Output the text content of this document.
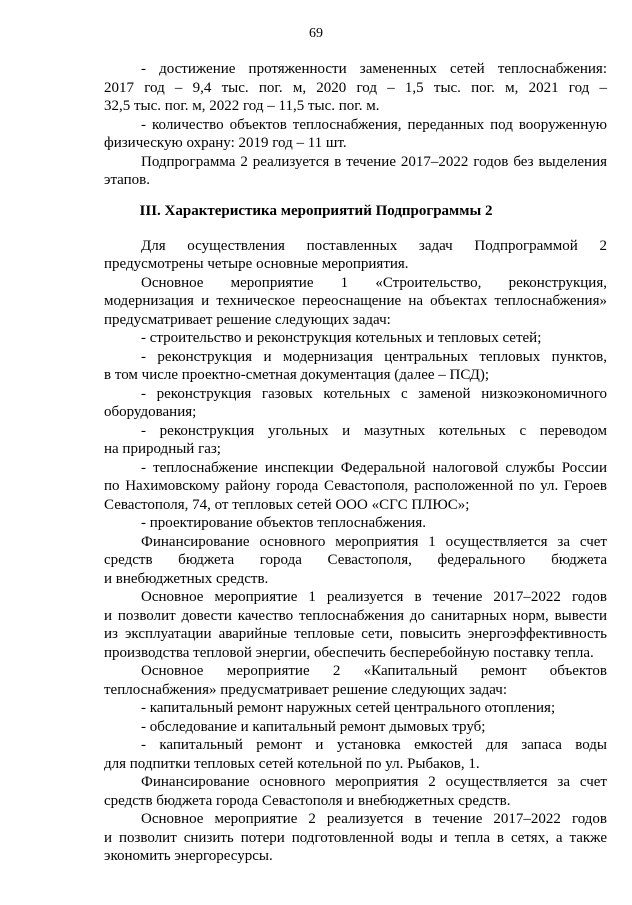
69
- достижение протяженности замененных сетей теплоснабжения:
2017 год – 9,4 тыс. пог. м, 2020 год – 1,5 тыс. пог. м, 2021 год –
32,5 тыс. пог. м, 2022 год – 11,5 тыс. пог. м.
- количество объектов теплоснабжения, переданных под вооруженную
физическую охрану: 2019 год – 11 шт.
Подпрограмма 2 реализуется в течение 2017–2022 годов без выделения
этапов.
III. Характеристика мероприятий Подпрограммы 2
Для осуществления поставленных задач Подпрограммой 2
предусмотрены четыре основные мероприятия.
Основное мероприятие 1 «Строительство, реконструкция,
модернизация и техническое переоснащение на объектах теплоснабжения»
предусматривает решение следующих задач:
- строительство и реконструкция котельных и тепловых сетей;
- реконструкция и модернизация центральных тепловых пунктов,
в том числе проектно-сметная документация (далее – ПСД);
- реконструкция газовых котельных с заменой низкоэкономичного
оборудования;
- реконструкция угольных и мазутных котельных с переводом
на природный газ;
- теплоснабжение инспекции Федеральной налоговой службы России
по Нахимовскому району города Севастополя, расположенной по ул. Героев
Севастополя, 74, от тепловых сетей ООО «СГС ПЛЮС»;
- проектирование объектов теплоснабжения.
Финансирование основного мероприятия 1 осуществляется за счет
средств бюджета города Севастополя, федерального бюджета
и внебюджетных средств.
Основное мероприятие 1 реализуется в течение 2017–2022 годов
и позволит довести качество теплоснабжения до санитарных норм, вывести
из эксплуатации аварийные тепловые сети, повысить энергоэффективность
производства тепловой энергии, обеспечить бесперебойную поставку тепла.
Основное мероприятие 2 «Капитальный ремонт объектов
теплоснабжения» предусматривает решение следующих задач:
- капитальный ремонт наружных сетей центрального отопления;
- обследование и капитальный ремонт дымовых труб;
- капитальный ремонт и установка емкостей для запаса воды
для подпитки тепловых сетей котельной по ул. Рыбаков, 1.
Финансирование основного мероприятия 2 осуществляется за счет
средств бюджета города Севастополя и внебюджетных средств.
Основное мероприятие 2 реализуется в течение 2017–2022 годов
и позволит снизить потери подготовленной воды и тепла в сетях, а также
экономить энергоресурсы.
